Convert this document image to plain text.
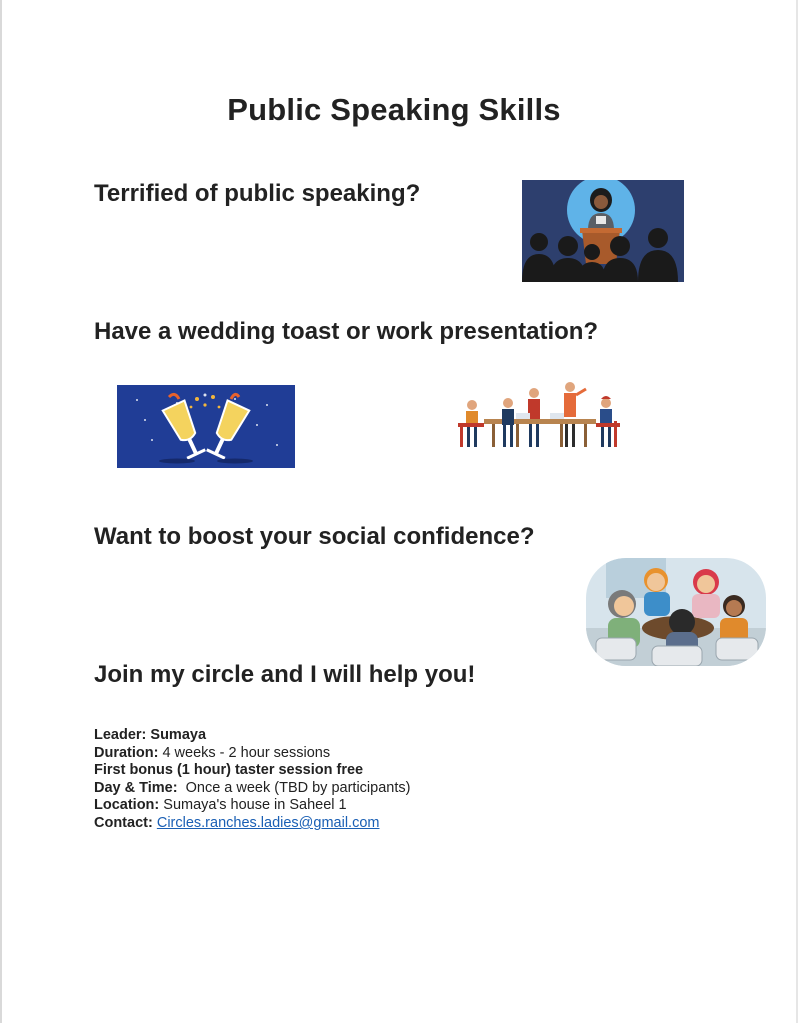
Public Speaking Skills
Terrified of public speaking?
Have a wedding toast or work presentation?
Want to boost your social confidence?
Join my circle and I will help you!
Leader: Sumaya
Duration: 4 weeks - 2 hour sessions
First bonus (1 hour) taster session free
Day & Time:  Once a week (TBD by participants)
Location: Sumaya's house in Saheel 1
Contact: Circles.ranches.ladies@gmail.com
